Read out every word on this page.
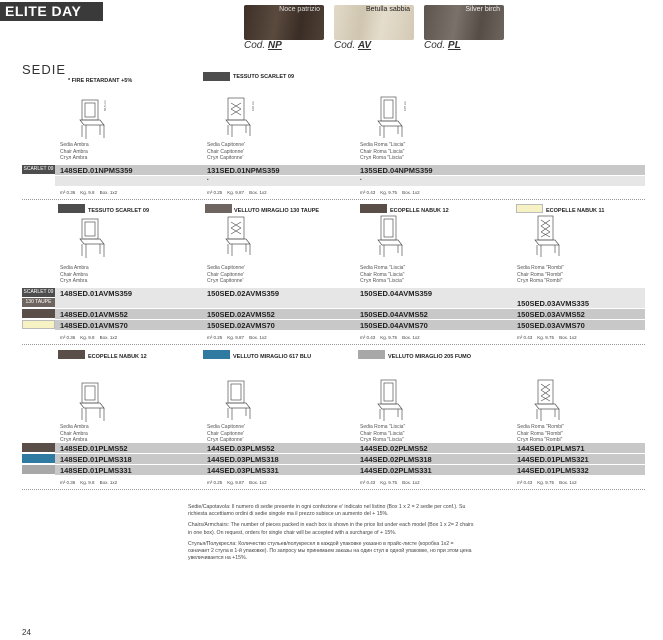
ELITE DAY	Noce patrizio	Betulla sabbia	Silver birch
Cod. NP	Cod. AV	Cod. PL
SEDIE
* FIRE RETARDANT +5%
TESSUTO SCARLET 09
86,5 cm	100 cm	105 cm
Sedia Ambra
Chair Ambra
Стул Ambra
Sedia Capitonne'
Chair Capitonne'
Стул Capitonne'
Sedia Roma "Liscia"
Chair Roma "Liscia"
Стул Roma "Liscia"
SCARLET 09 148SED.01NPMS359	131SED.01NPMS359	135SED.04NPMS359
•	•
m³ 0.36 Kg. 9.8 Box. 1x2	m³ 0.25 Kg. 9.87 Box. 1x2	m³ 0.43 Kg. 9.75 Box. 1x2
TESSUTO SCARLET 09	VELLUTO MIRAGLIO 130 TAUPE	ECOPELLE NABUK 12	ECOPELLE NABUK 11
Sedia Ambra
Chair Ambra
Стул Ambra
Sedia Capitonne'
Chair Capitonne'
Стул Capitonne'
Sedia Roma "Liscia"
Chair Roma "Liscia"
Стул Roma "Liscia"
Sedia Roma "Rombi"
Chair Roma "Rombi"
Стул Roma "Rombi"
SCARLET 09
130 TAUPE
148SED.01AVMS359	150SED.02AVMS359	150SED.04AVMS359
150SED.03AVMS335
148SED.01AVMS52	150SED.02AVMS52	150SED.04AVMS52	150SED.03AVMS52
148SED.01AVMS70	150SED.02AVMS70	150SED.04AVMS70	150SED.03AVMS70
m³ 0.36 Kg. 9.8 Box. 1x2	m³ 0.25 Kg. 9.87 Box. 1x2	m³ 0.43 Kg. 9.75 Box. 1x2	m³ 0.43 Kg. 9.75 Box. 1x2
ECOPELLE NABUK 12	VELLUTO MIRAGLIO 617 BLU	VELLUTO MIRAGLIO 205 FUMO
Sedia Ambra
Chair Ambra
Стул Ambra
Sedia Capitonne'
Chair Capitonne'
Стул Capitonne'
Sedia Roma "Liscia"
Chair Roma "Liscia"
Стул Roma "Liscia"
Sedia Roma "Rombi"
Chair Roma "Rombi"
Стул Roma "Rombi"
148SED.01PLMS52	144SED.03PLMS52	144SED.02PLMS52	144SED.01PLMS71
148SED.01PLMS318	144SED.03PLMS318	144SED.02PLMS318	144SED.01PLMS321
148SED.01PLMS331	144SED.03PLMS331	144SED.02PLMS331	144SED.01PLMS332
m³ 0.36 Kg. 9.8 Box. 1x2	m³ 0.25 Kg. 9.87 Box. 1x2	m³ 0.43 Kg. 9.75 Box. 1x2	m³ 0.43 Kg. 9.75 Box. 1x2

Sedie/Capotavola: Il numero di sedie presente in ogni confezione e' indicato nel listino (Box 1 x 2 = 2 sedie per conf.). Su richiesta accettiamo ordini di sedie singole ma il prezzo subisce un aumento del + 15%.

Chairs/Armchairs: The number of pieces packed in each box is shown in the price list under each model (Box 1 x 2= 2 chairs in one box). On request, orders for single chair will be accepted with a surcharge of + 15%.

Стулья/Полукресла: Количество стульев/полукресел в каждой упаковке указано в прайс-листе (коробка 1х2 = означает 2 стула в 1-й упаковке). По запросу мы принимаем заказы на один стул в одной упаковке, но при этом цена увеличивается на +15%.

24
